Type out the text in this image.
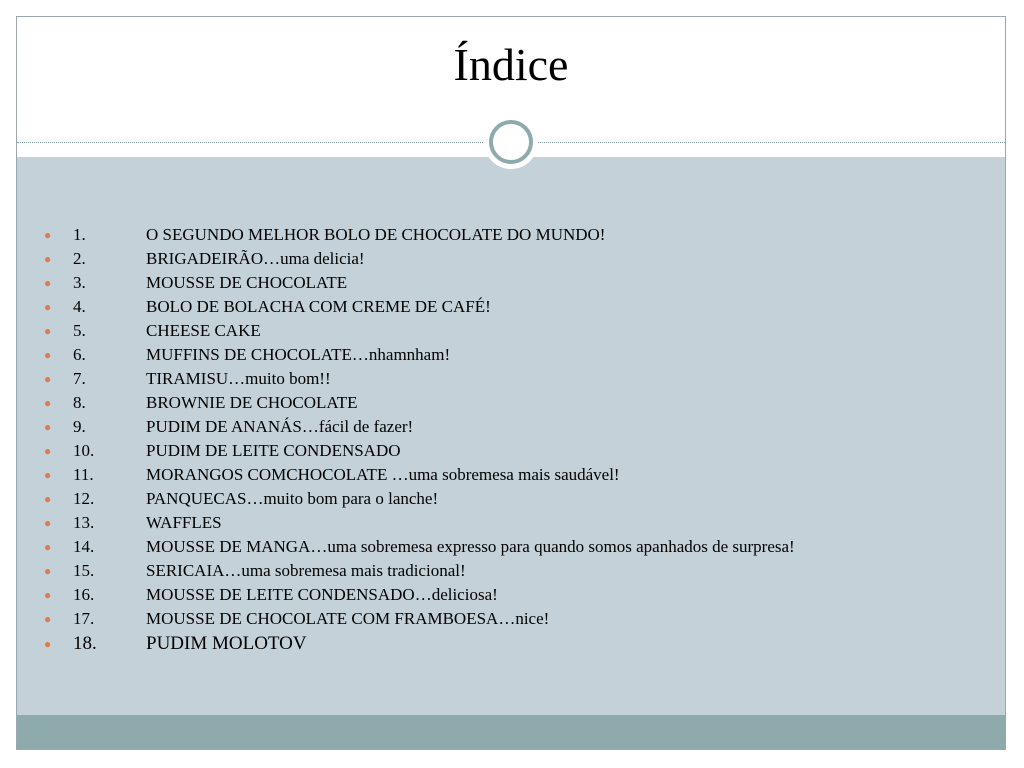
Índice
● 1.	O SEGUNDO MELHOR BOLO DE CHOCOLATE DO MUNDO!
● 2.	BRIGADEIRÃO…uma delicia!
● 3.	MOUSSE DE CHOCOLATE
● 4.	BOLO DE BOLACHA COM CREME DE CAFÉ!
● 5.	CHEESE CAKE
● 6.	MUFFINS DE CHOCOLATE…nhamnham!
● 7.	TIRAMISU…muito bom!!
● 8.	BROWNIE DE CHOCOLATE
● 9.	PUDIM DE ANANÁS…fácil de fazer!
● 10.	PUDIM DE LEITE CONDENSADO
● 11.	MORANGOS COMCHOCOLATE …uma sobremesa mais saudável!
● 12.	PANQUECAS…muito bom para o lanche!
● 13.	WAFFLES
● 14.	MOUSSE DE MANGA…uma sobremesa expresso para quando somos apanhados de surpresa!
● 15.	SERICAIA…uma sobremesa mais tradicional!
● 16.	MOUSSE DE LEITE CONDENSADO…deliciosa!
● 17.	MOUSSE DE CHOCOLATE COM FRAMBOESA…nice!
● 18.	PUDIM MOLOTOV
